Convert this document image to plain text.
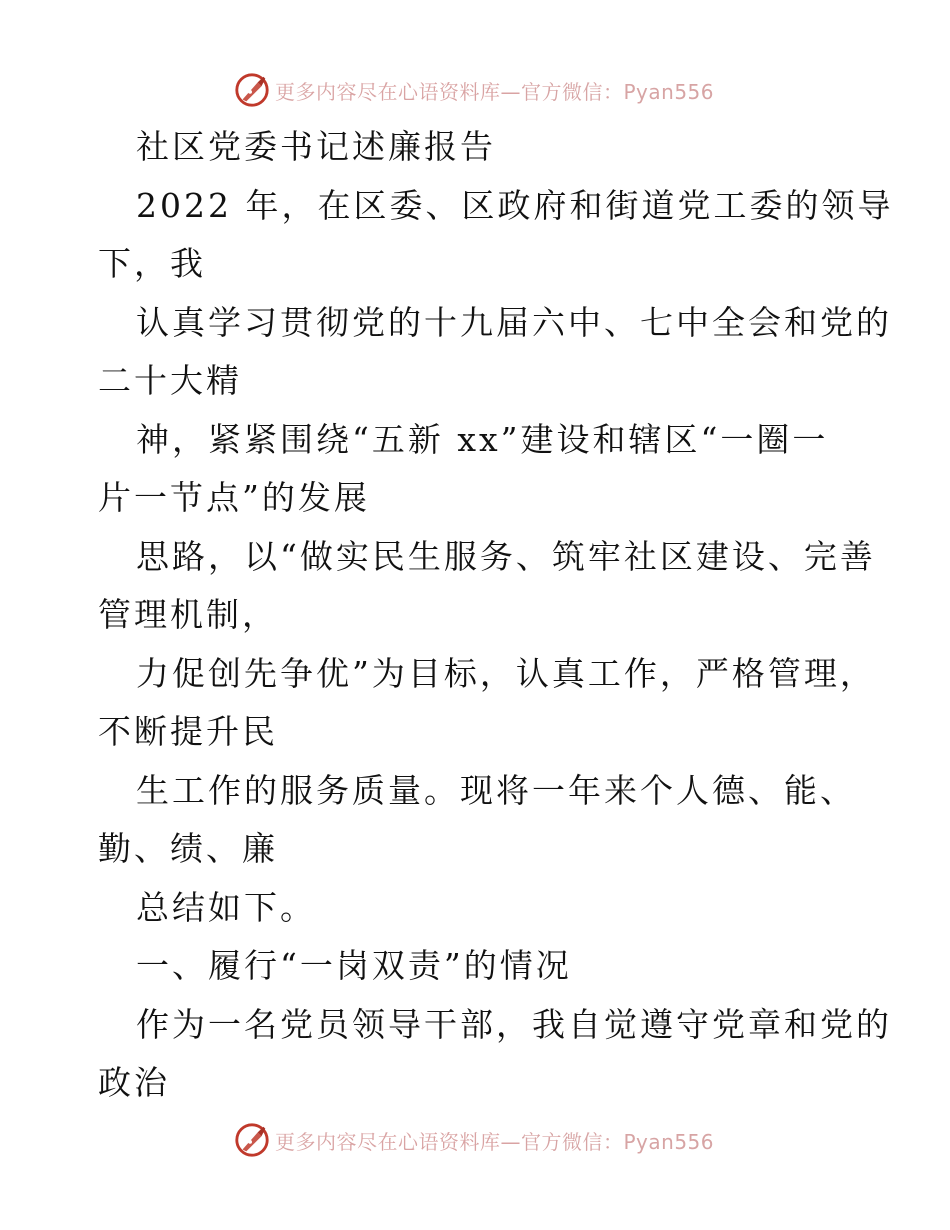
更多内容尽在心语资料库—官方微信：Pyan556
社区党委书记述廉报告
2022 年，在区委、区政府和街道党工委的领导
下，我
认真学习贯彻党的十九届六中、七中全会和党的
二十大精
神，紧紧围绕“五新 xx”建设和辖区“一圈一
片一节点”的发展
思路，以“做实民生服务、筑牢社区建设、完善
管理机制，
力促创先争优”为目标，认真工作，严格管理，
不断提升民
生工作的服务质量。现将一年来个人德、能、
勤、绩、廉
总结如下。
一、履行“一岗双责”的情况
作为一名党员领导干部，我自觉遵守党章和党的
政治
更多内容尽在心语资料库—官方微信：Pyan556
